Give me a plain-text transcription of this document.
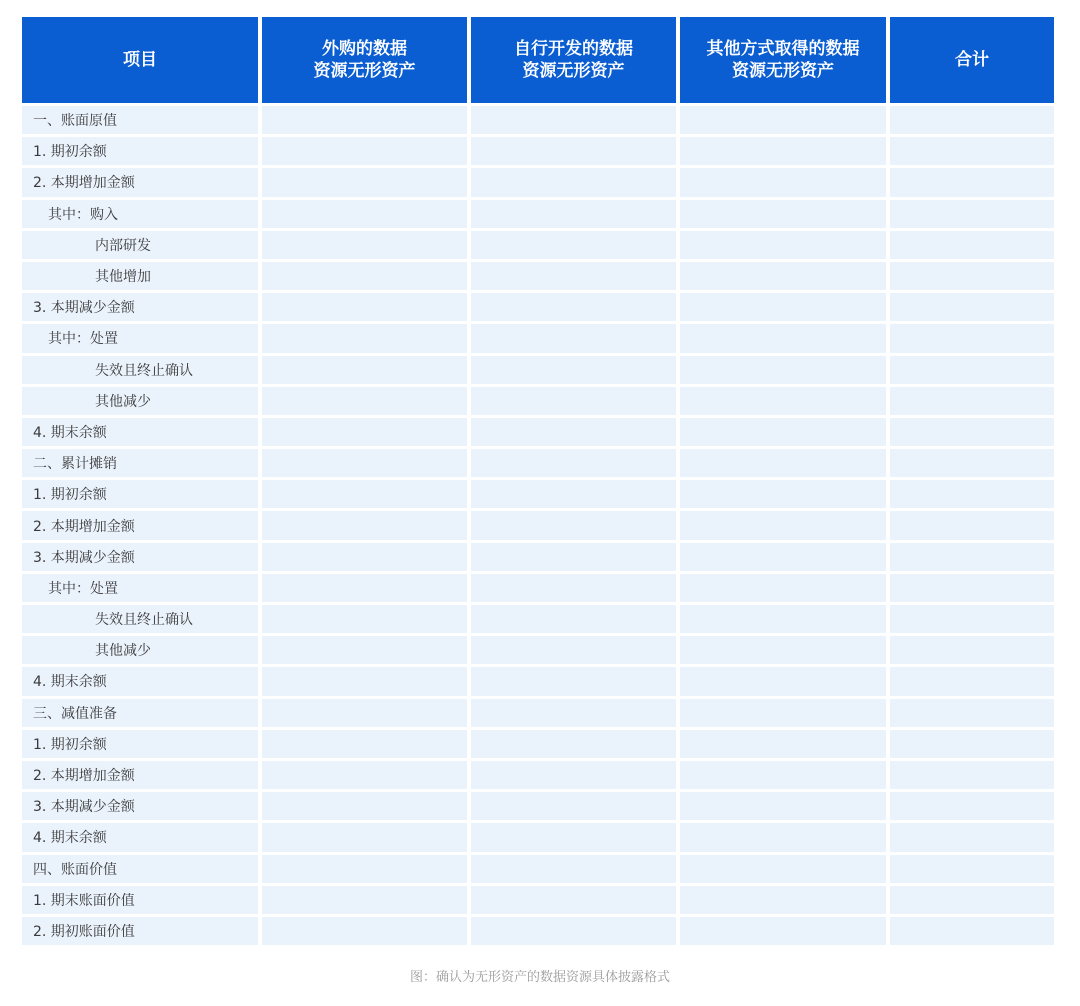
项目
外购的数据
资源无形资产
自行开发的数据
资源无形资产
其他方式取得的数据
资源无形资产
合计
一、账面原值
1. 期初余额
2. 本期增加金额
其中：购入
内部研发
其他增加
3. 本期减少金额
其中：处置
失效且终止确认
其他减少
4. 期末余额
二、累计摊销
1. 期初余额
2. 本期增加金额
3. 本期减少金额
其中：处置
失效且终止确认
其他减少
4. 期末余额
三、减值准备
1. 期初余额
2. 本期增加金额
3. 本期减少金额
4. 期末余额
四、账面价值
1. 期末账面价值
2. 期初账面价值
图：确认为无形资产的数据资源具体披露格式
